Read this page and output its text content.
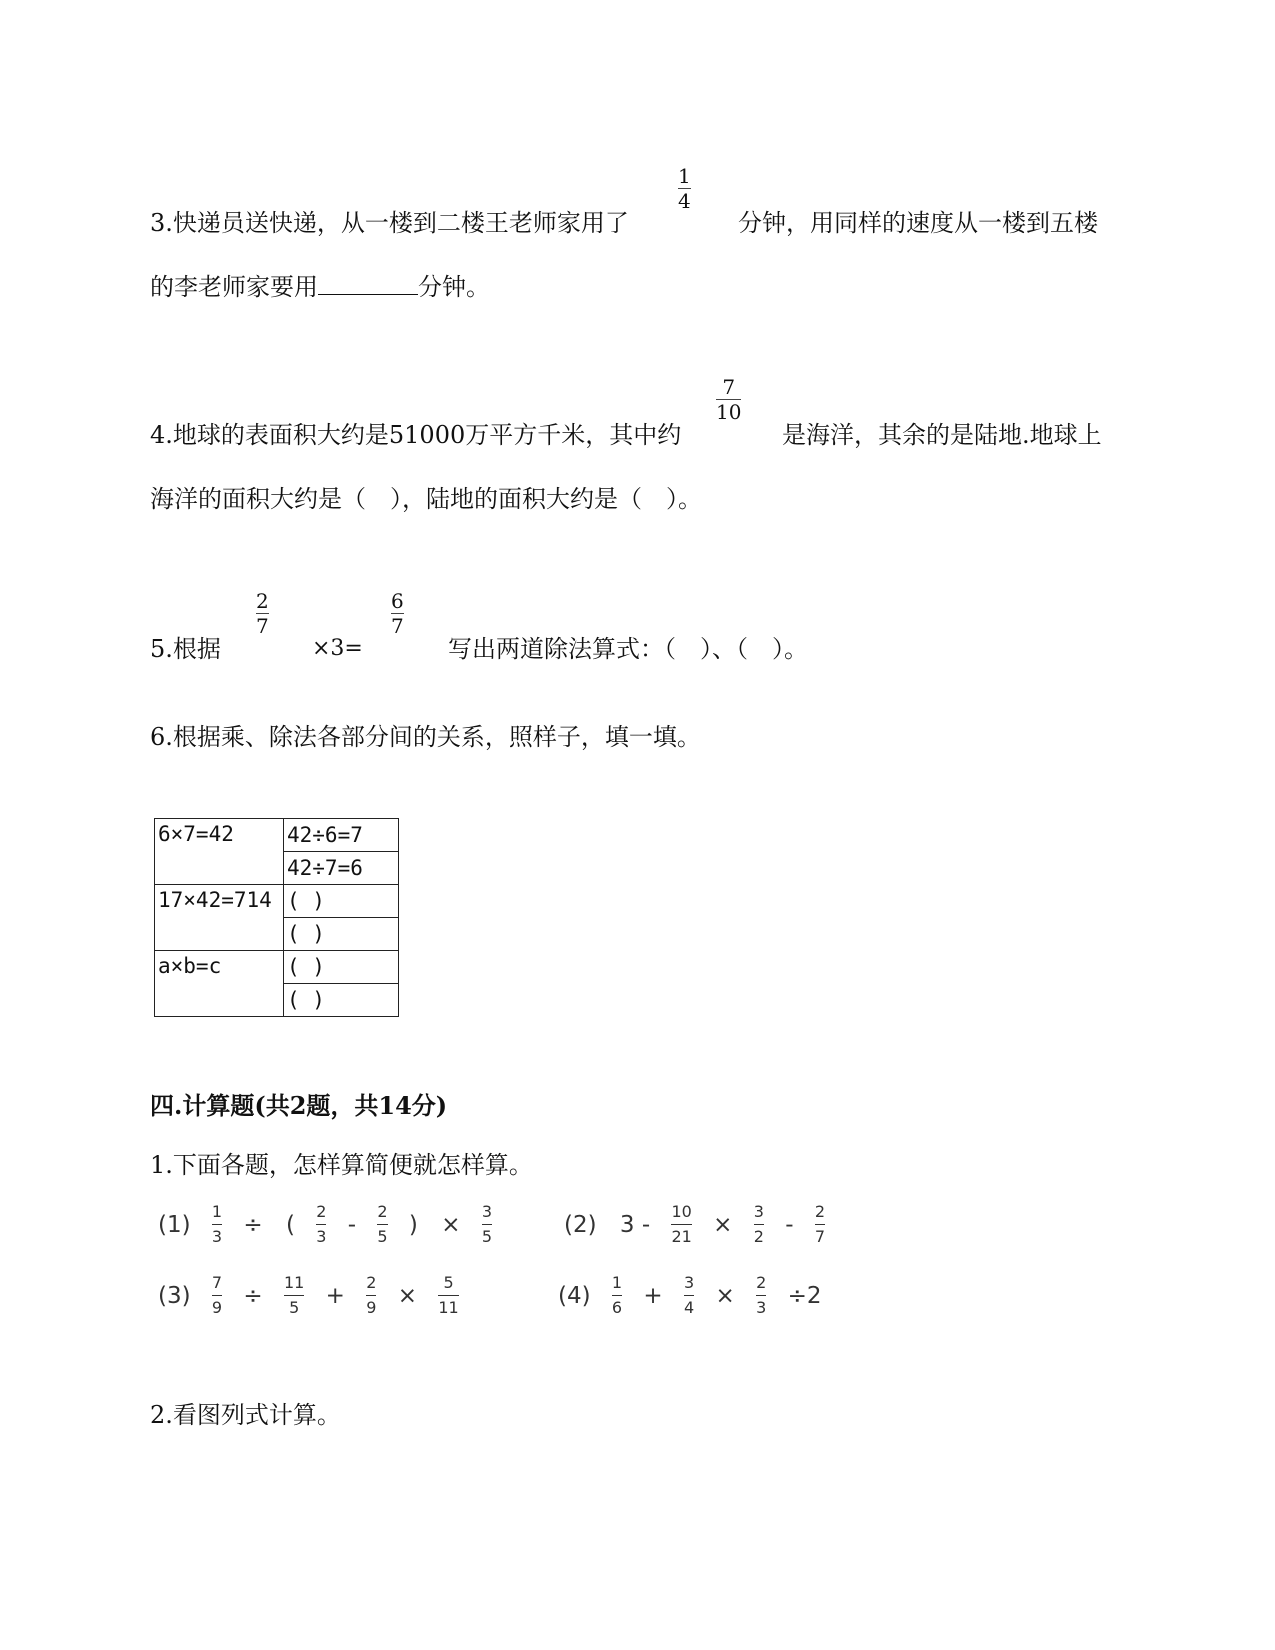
3.快递员送快递，从一楼到二楼王老师家用了
1
4
分钟，用同样的速度从一楼到五楼
的李老师家要用	分钟。
4.地球的表面积大约是51000万平方千米，其中约
7
10
是海洋，其余的是陆地.地球上
海洋的面积大约是（　），陆地的面积大约是（　）。
5.根据
2
7
×3=
6
7
写出两道除法算式：（　）、（　）。
6.根据乘、除法各部分间的关系，照样子，填一填。
6×7=42	42÷6=7
	42÷7=6
17×42=714	( )
	( )
a×b=c	( )
	( )
四.计算题(共2题，共14分)
1.下面各题，怎样算简便就怎样算。
$(1) \frac{1}{3}$ ÷ ( $\frac{2}{3} - \frac{2}{5}$ ) × $\frac{3}{5}$	(2) $3 - \frac{10}{21} \times \frac{3}{2} - \frac{2}{7}$
$(3) \frac{7}{9} \div \frac{11}{5} + \frac{2}{9} \times \frac{5}{11}$	$(4) \frac{1}{6} + \frac{3}{4} \times \frac{2}{3} \div 2$
2.看图列式计算。
